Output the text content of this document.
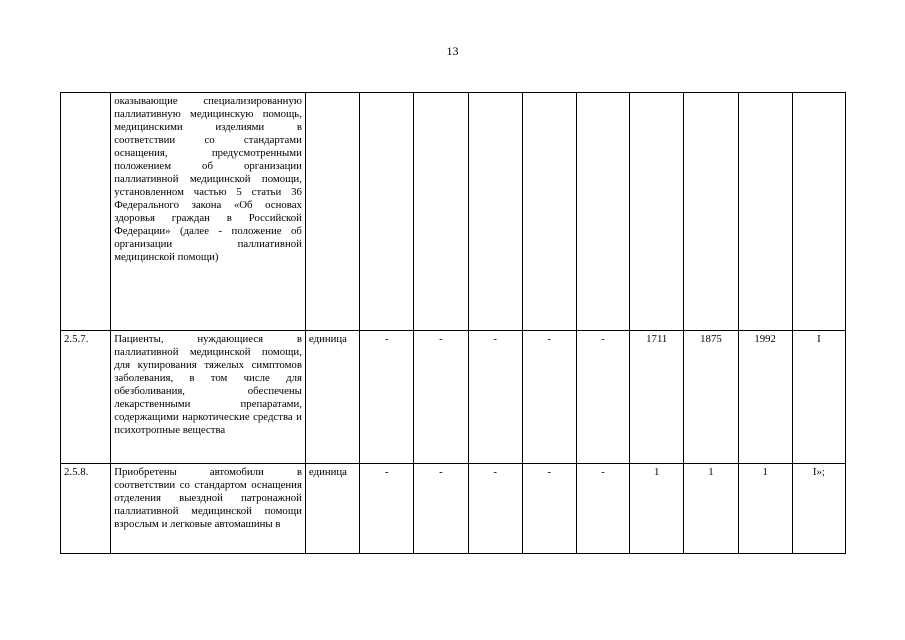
13
	оказывающие специализированную паллиативную медицинскую помощь, медицинскими изделиями в соответствии со стандартами оснащения, предусмотренными положением об организации паллиативной медицинской помощи, установленном частью 5 статьи 36 Федерального закона «Об основах здоровья граждан в Российской Федерации» (далее - положение об организации паллиативной медицинской помощи)										
2.5.7.	Пациенты, нуждающиеся в паллиативной медицинской помощи, для купирования тяжелых симптомов заболевания, в том числе для обезболивания, обеспечены лекарственными препаратами, содержащими наркотические средства и психотропные вещества	единица	-	-	-	-	-	1711	1875	1992	I
2.5.8.	Приобретены автомобили в соответствии со стандартом оснащения отделения выездной патронажной паллиативной медицинской помощи взрослым и легковые автомашины в	единица	-	-	-	-	-	1	1	1	I»;
